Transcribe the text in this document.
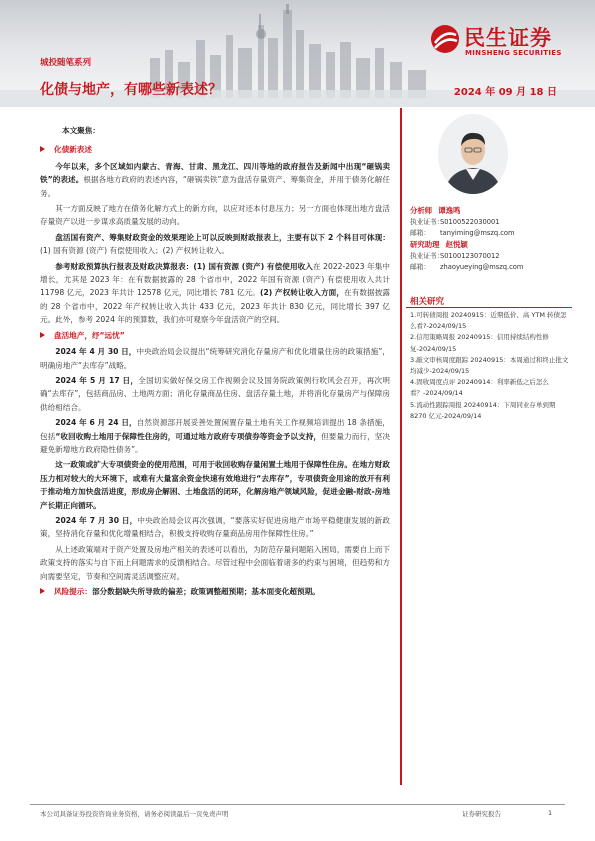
民生证券
MINSHENG SECURITIES
城投随笔系列
化债与地产，有哪些新表述？	2024 年 09 月 18 日
本文聚焦：
化债新表述

今年以来，多个区域如内蒙古、青海、甘肃、黑龙江、四川等地的政府报告及新闻中出现“砸锅卖铁”的表述。根据各地方政府的表述内容，“砸锅卖铁”意为盘活存量资产、筹集资金，并用于债务化解任务。

其一方面反映了地方在债务化解方式上的新方向，以应对还本付息压力；另一方面也体现出地方盘活存量资产以进一步谋求高质量发展的动向。

盘活国有资产、筹集财政资金的效果理论上可以反映到财政报表上，主要有以下 2 个科目可体现：(1) 国有资源 (资产) 有偿使用收入；(2) 产权转让收入。

参考财政预算执行报表及财政决算报表：(1) 国有资源 (资产) 有偿使用收入在 2022-2023 年集中增长，尤其是 2023 年：在有数据披露的 28 个省市中，2022 年国有资源 (资产) 有偿使用收入共计 11798 亿元，2023 年共计 12578 亿元，同比增长 781 亿元。(2) 产权转让收入方面，在有数据披露的 28 个省市中，2022 年产权转让收入共计 433 亿元，2023 年共计 830 亿元，同比增长 397 亿元。此外，参考 2024 年的预算数，我们亦可观察今年盘活资产的空间。

盘活地产，纾“远忧”

2024 年 4 月 30 日，中央政治局会议提出“统筹研究消化存量房产和优化增量住房的政策措施”，明确房地产“去库存”战略。

2024 年 5 月 17 日，全国切实做好保交房工作视频会议及国务院政策例行吹风会召开，再次明确“去库存”，包括商品房、土地两方面；消化存量商品住房、盘活存量土地，并将消化存量房产与保障房供给相结合。

2024 年 6 月 24 日，自然资源部开展妥善处置闲置存量土地有关工作视频培训提出 18 条措施，包括“收回收购土地用于保障性住房的，可通过地方政府专项债券等资金予以支持，但要量力而行，坚决避免新增地方政府隐性债务”。

这一政策或扩大专项债资金的使用范围，可用于收回收购存量闲置土地用于保障性住房。在地方财政压力相对较大的大环境下，或难有大量富余资金快速有效地进行“去库存”，专项债资金用途的放开有利于推动地方加快盘活进度，形成房企解困、土地盘活的闭环，化解房地产领域风险，促进金融-财政-房地产长期正向循环。

2024 年 7 月 30 日，中央政治局会议再次强调，“要落实好促进房地产市场平稳健康发展的新政策，坚持消化存量和优化增量相结合，积极支持收购存量商品房用作保障性住房。”

从上述政策端对于资产处置及房地产相关的表述可以看出，为防范存量问题陷入困局，需要自上而下政策支持的落实与自下而上问题需求的反馈相结合。尽管过程中会面临着诸多的约束与困境，但趋势和方向需要坚定，节奏和空间需灵活调整应对。

风险提示：部分数据缺失所导致的偏差；政策调整超预期；基本面变化超预期。
分析师 谭逸鸣
执业证书：S0100522030001
邮箱： tanyiming@mszq.com
研究助理 赵悦颖
执业证书：S0100123070012
邮箱： zhaoyueying@mszq.com
相关研究
1.可转债周报 20240915：近期低价、高 YTM 转债怎么看?-2024/09/15
2.信用策略周报 20240915：信用持续结构性修复-2024/09/15
3.敲文审核周度跟踪 20240915：本周通过和终止批文均减少-2024/09/15
4.固收周度点评 20240914：利率新低之后怎么看？-2024/09/14
5.流动性跟踪周报 20240914：下周同业存单到期 8270 亿元-2024/09/14
本公司具备证券投资咨询业务资格，请务必阅读最后一页免责声明	证券研究报告	1
